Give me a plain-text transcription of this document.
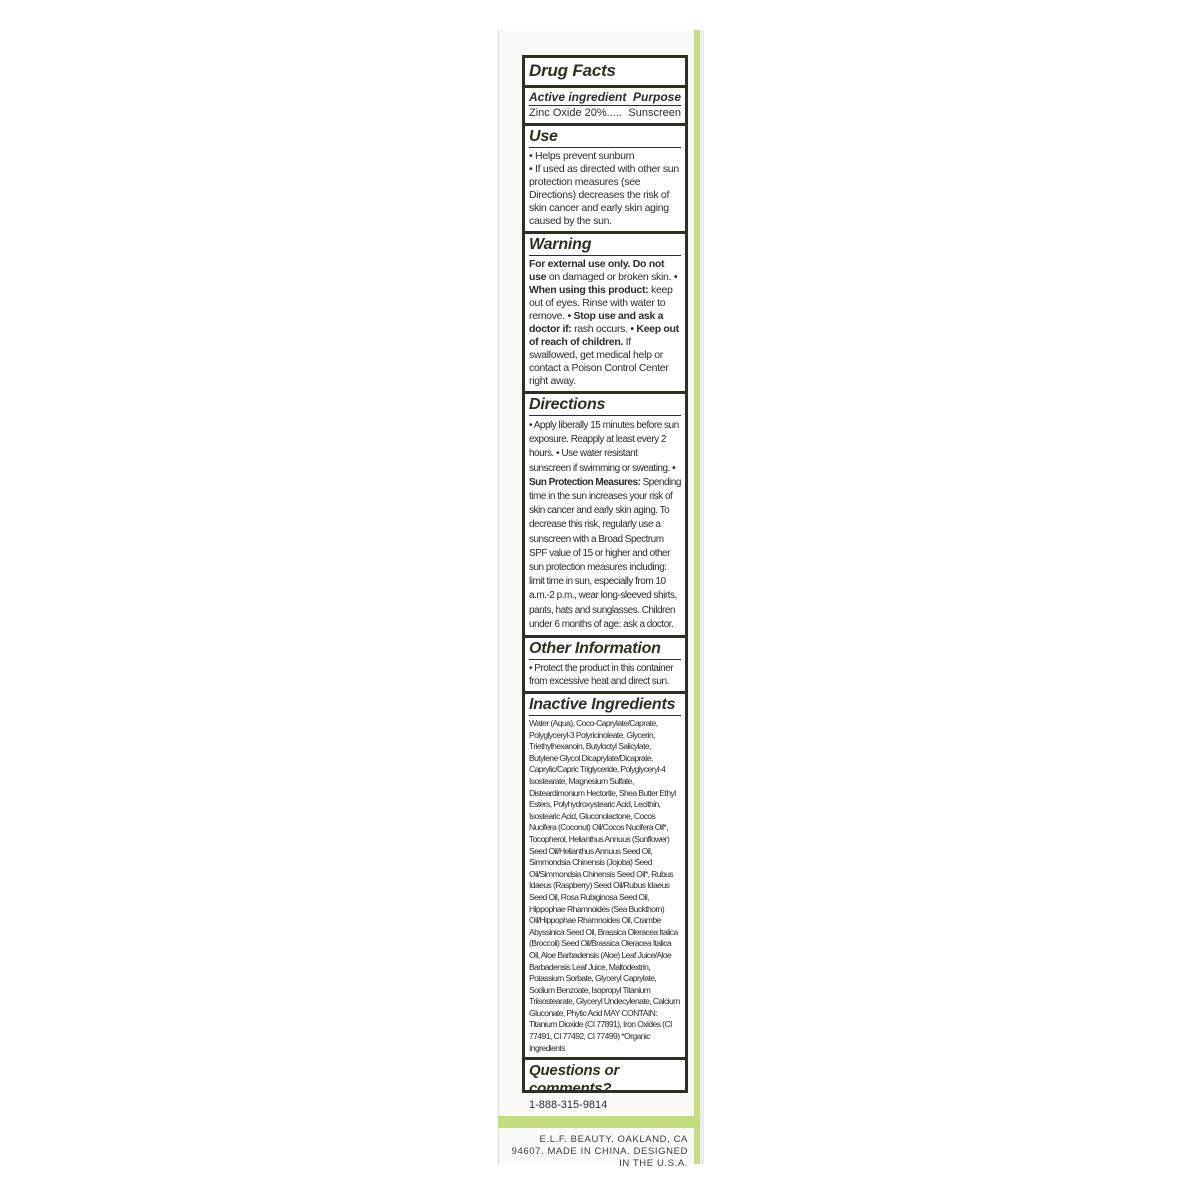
Drug Facts
Active ingredient Purpose
Zinc Oxide 20%..... Sunscreen
Use

• Helps prevent sunburn

• If used as directed with other sun protection measures (see Directions) decreases the risk of skin cancer and early skin aging caused by the sun.

Warning

For external use only. Do not use on damaged or broken skin. • When using this product: keep out of eyes. Rinse with water to remove. • Stop use and ask a doctor if: rash occurs. • Keep out of reach of children. If swallowed, get medical help or contact a Poison Control Center right away.

Directions

• Apply liberally 15 minutes before sun exposure. Reapply at least every 2 hours. • Use water resistant sunscreen if swimming or sweating. • Sun Protection Measures: Spending time in the sun increases your risk of skin cancer and early skin aging. To decrease this risk, regularly use a sunscreen with a Broad Spectrum SPF value of 15 or higher and other sun protection measures including: limit time in sun, especially from 10 a.m.-2 p.m., wear long-sleeved shirts, pants, hats and sunglasses. Children under 6 months of age: ask a doctor.

Other Information

• Protect the product in this container from excessive heat and direct sun.

Inactive Ingredients

Water (Aqua), Coco-Caprylate/Caprate, Polyglyceryl-3 Polyricinoleate, Glycerin, Triethylhexanoin, Butyloctyl Salicylate, Butylene Glycol Dicaprylate/Dicaprate, Caprylic/Capric Triglyceride, Polyglyceryl-4 Isostearate, Magnesium Sulfate, Disteardimonium Hectorite, Shea Butter Ethyl Esters, Polyhydroxystearic Acid, Lecithin, Isostearic Acid, Gluconolactone, Cocos Nucifera (Coconut) Oil/Cocos Nucifera Oil*, Tocopherol, Helianthus Annuus (Sunflower) Seed Oil/Helianthus Annuus Seed Oil, Simmondsia Chinensis (Jojoba) Seed Oil/Simmondsia Chinensis Seed Oil*, Rubus Idaeus (Raspberry) Seed Oil/Rubus Idaeus Seed Oil, Rosa Rubiginosa Seed Oil, Hippophae Rhamnoides (Sea Buckthorn) Oil/Hippophae Rhamnoides Oil, Crambe Abyssinica Seed Oil, Brassica Oleracea Italica (Broccoli) Seed Oil/Brassica Oleracea Italica Oil, Aloe Barbadensis (Aloe) Leaf Juice/Aloe Barbadensis Leaf Juice, Maltodextrin, Potassium Sorbate, Glyceryl Caprylate, Sodium Benzoate, Isopropyl Titanium Triisostearate, Glyceryl Undecylenate, Calcium Gluconate, Phytic Acid MAY CONTAIN: Titanium Dioxide (CI 77891), Iron Oxides (CI 77491, CI 77492, CI 77499) *Organic Ingredients

Questions or comments?
1-888-315-9814
E.L.F. BEAUTY. OAKLAND, CA
94607. MADE IN CHINA. DESIGNED IN THE U.S.A.
